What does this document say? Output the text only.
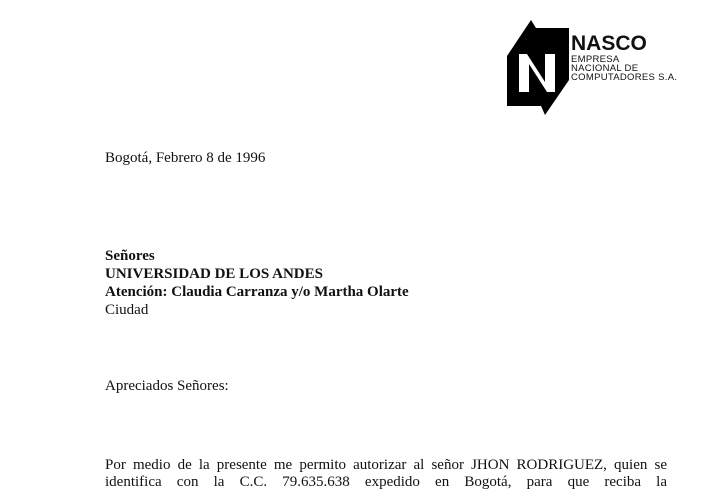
NASCO
EMPRESA
NACIONAL DE
COMPUTADORES S.A.
Bogotá, Febrero 8 de 1996
Señores
UNIVERSIDAD DE LOS ANDES
Atención: Claudia Carranza y/o Martha Olarte
Ciudad
Apreciados Señores:
Por medio de la presente me permito autorizar al señor JHON RODRIGUEZ, quien se
identifica con la C.C. 79.635.638 expedido en Bogotá, para que reciba la
